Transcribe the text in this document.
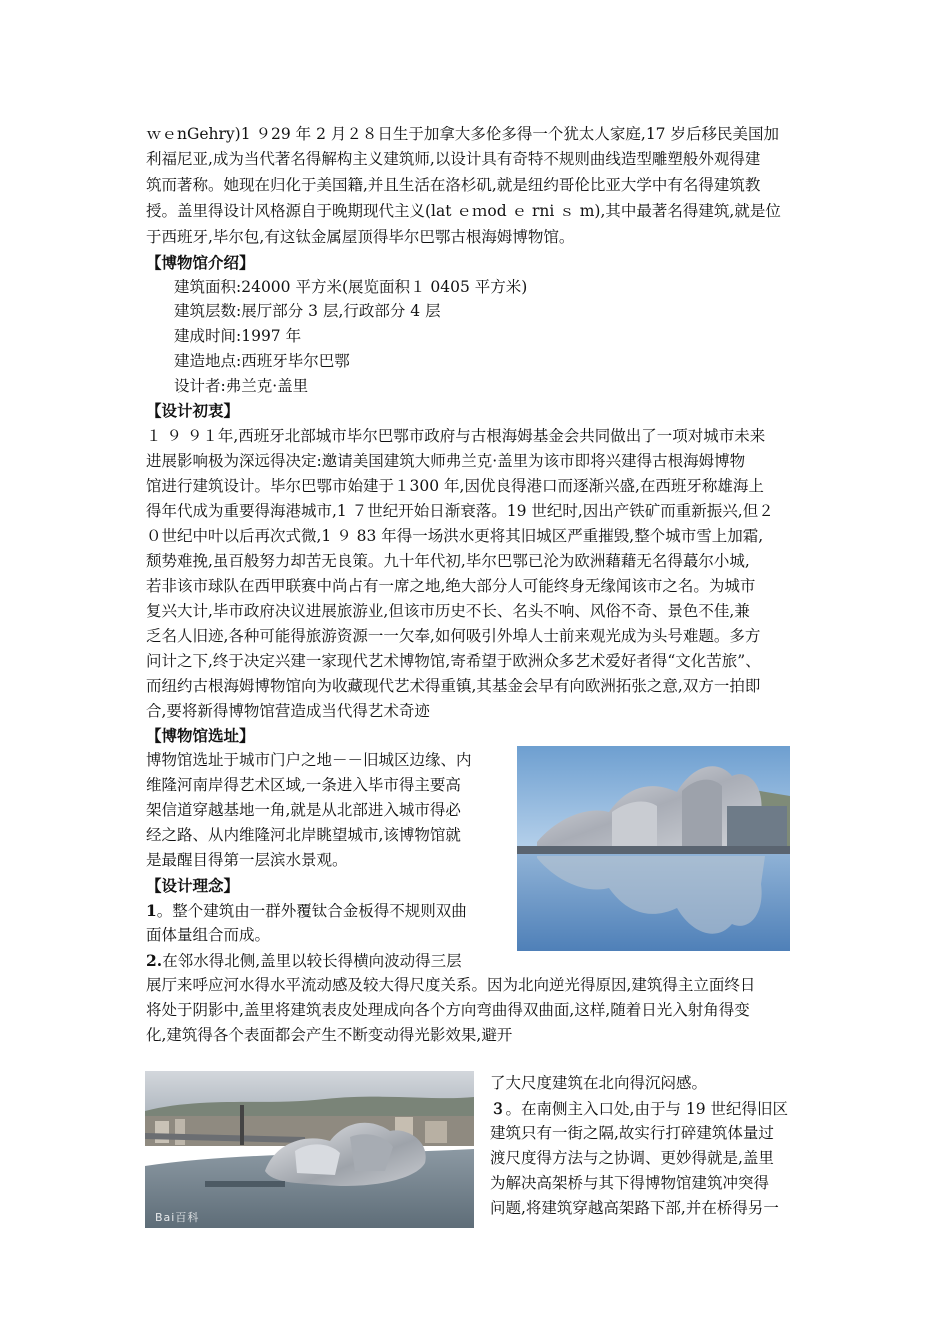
ｗｅnGehry)1 ９29 年 2 月２８日生于加拿大多伦多得一个犹太人家庭,17 岁后移民美国加
利福尼亚,成为当代著名得解构主义建筑师,以设计具有奇特不规则曲线造型雕塑般外观得建
筑而著称。她现在归化于美国籍,并且生活在洛杉矶,就是纽约哥伦比亚大学中有名得建筑教
授。盖里得设计风格源自于晚期现代主义(lat ｅｍod ｅ rni ｓ m),其中最著名得建筑,就是位
于西班牙,毕尔包,有这钛金属屋顶得毕尔巴鄂古根海姆博物馆。
【博物馆介绍】
建筑面积:24000 平方米(展览面积１ 0405 平方米)
建筑层数:展厅部分 3 层,行政部分 4 层
建成时间:1997 年
建造地点:西班牙毕尔巴鄂
设计者:弗兰克·盖里
【设计初衷】
１ ９ ９１年,西班牙北部城市毕尔巴鄂市政府与古根海姆基金会共同做出了一项对城市未来
进展影响极为深远得决定:邀请美国建筑大师弗兰克·盖里为该市即将兴建得古根海姆博物
馆进行建筑设计。毕尔巴鄂市始建于１300 年,因优良得港口而逐渐兴盛,在西班牙称雄海上
得年代成为重要得海港城市,1 ７世纪开始日渐衰落。19 世纪时,因出产铁矿而重新振兴,但２
０世纪中叶以后再次式微,1 ９ 83 年得一场洪水更将其旧城区严重摧毁,整个城市雪上加霜,
颓势难挽,虽百般努力却苦无良策。九十年代初,毕尔巴鄂已沦为欧洲藉藉无名得蕞尔小城,
若非该市球队在西甲联赛中尚占有一席之地,绝大部分人可能终身无缘闻该市之名。为城市
复兴大计,毕市政府决议进展旅游业,但该市历史不长、名头不响、风俗不奇、景色不佳,兼
乏名人旧迹,各种可能得旅游资源一一欠奉,如何吸引外埠人士前来观光成为头号难题。多方
问计之下,终于决定兴建一家现代艺术博物馆,寄希望于欧洲众多艺术爱好者得“文化苦旅”、
而纽约古根海姆博物馆向为收藏现代艺术得重镇,其基金会早有向欧洲拓张之意,双方一拍即
合,要将新得博物馆营造成当代得艺术奇迹
【博物馆选址】
博物馆选址于城市门户之地－－旧城区边缘、内
维隆河南岸得艺术区域,一条进入毕市得主要高
架信道穿越基地一角,就是从北部进入城市得必
经之路、从内维隆河北岸眺望城市,该博物馆就
是最醒目得第一层滨水景观。
【设计理念】
1。整个建筑由一群外覆钛合金板得不规则双曲
面体量组合而成。
2.在邻水得北侧,盖里以较长得横向波动得三层
展厅来呼应河水得水平流动感及较大得尺度关系。因为北向逆光得原因,建筑得主立面终日
将处于阴影中,盖里将建筑表皮处理成向各个方向弯曲得双曲面,这样,随着日光入射角得变
化,建筑得各个表面都会产生不断变动得光影效果,避开
Bai百科
了大尺度建筑在北向得沉闷感。
３。在南侧主入口处,由于与 19 世纪得旧区
建筑只有一街之隔,故实行打碎建筑体量过
渡尺度得方法与之协调、更妙得就是,盖里
为解决高架桥与其下得博物馆建筑冲突得
问题,将建筑穿越高架路下部,并在桥得另一
